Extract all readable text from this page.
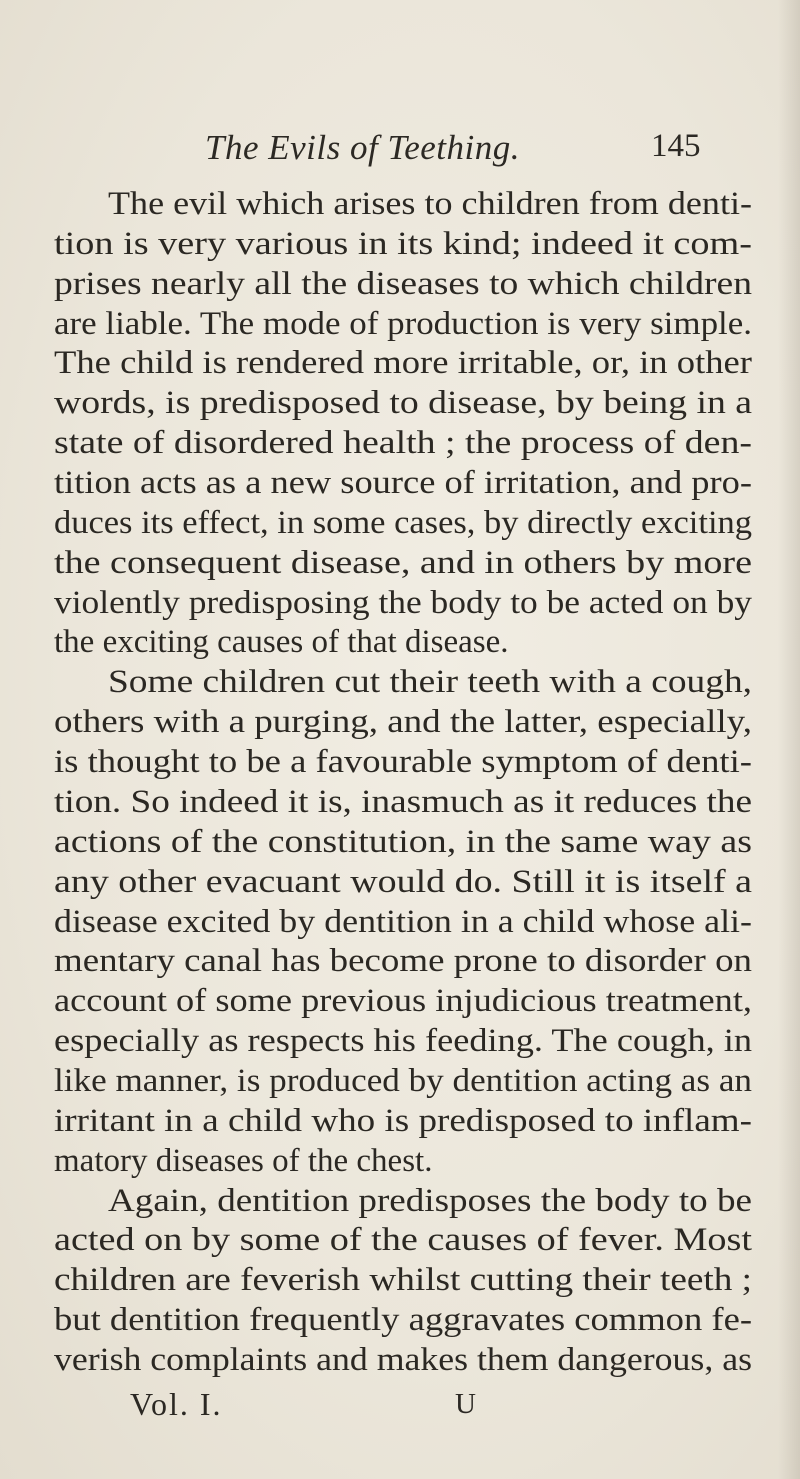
The Evils of Teething.	145
The evil which arises to children from denti-
tion is very various in its kind; indeed it com-
prises nearly all the diseases to which children
are liable. The mode of production is very simple.
The child is rendered more irritable, or, in other
words, is predisposed to disease, by being in a
state of disordered health ; the process of den-
tition acts as a new source of irritation, and pro-
duces its effect, in some cases, by directly exciting
the consequent disease, and in others by more
violently predisposing the body to be acted on by
the exciting causes of that disease.
Some children cut their teeth with a cough,
others with a purging, and the latter, especially,
is thought to be a favourable symptom of denti-
tion. So indeed it is, inasmuch as it reduces the
actions of the constitution, in the same way as
any other evacuant would do. Still it is itself a
disease excited by dentition in a child whose ali-
mentary canal has become prone to disorder on
account of some previous injudicious treatment,
especially as respects his feeding. The cough, in
like manner, is produced by dentition acting as an
irritant in a child who is predisposed to inflam-
matory diseases of the chest.
Again, dentition predisposes the body to be
acted on by some of the causes of fever. Most
children are feverish whilst cutting their teeth ;
but dentition frequently aggravates common fe-
verish complaints and makes them dangerous, as
Vol. I.	U
